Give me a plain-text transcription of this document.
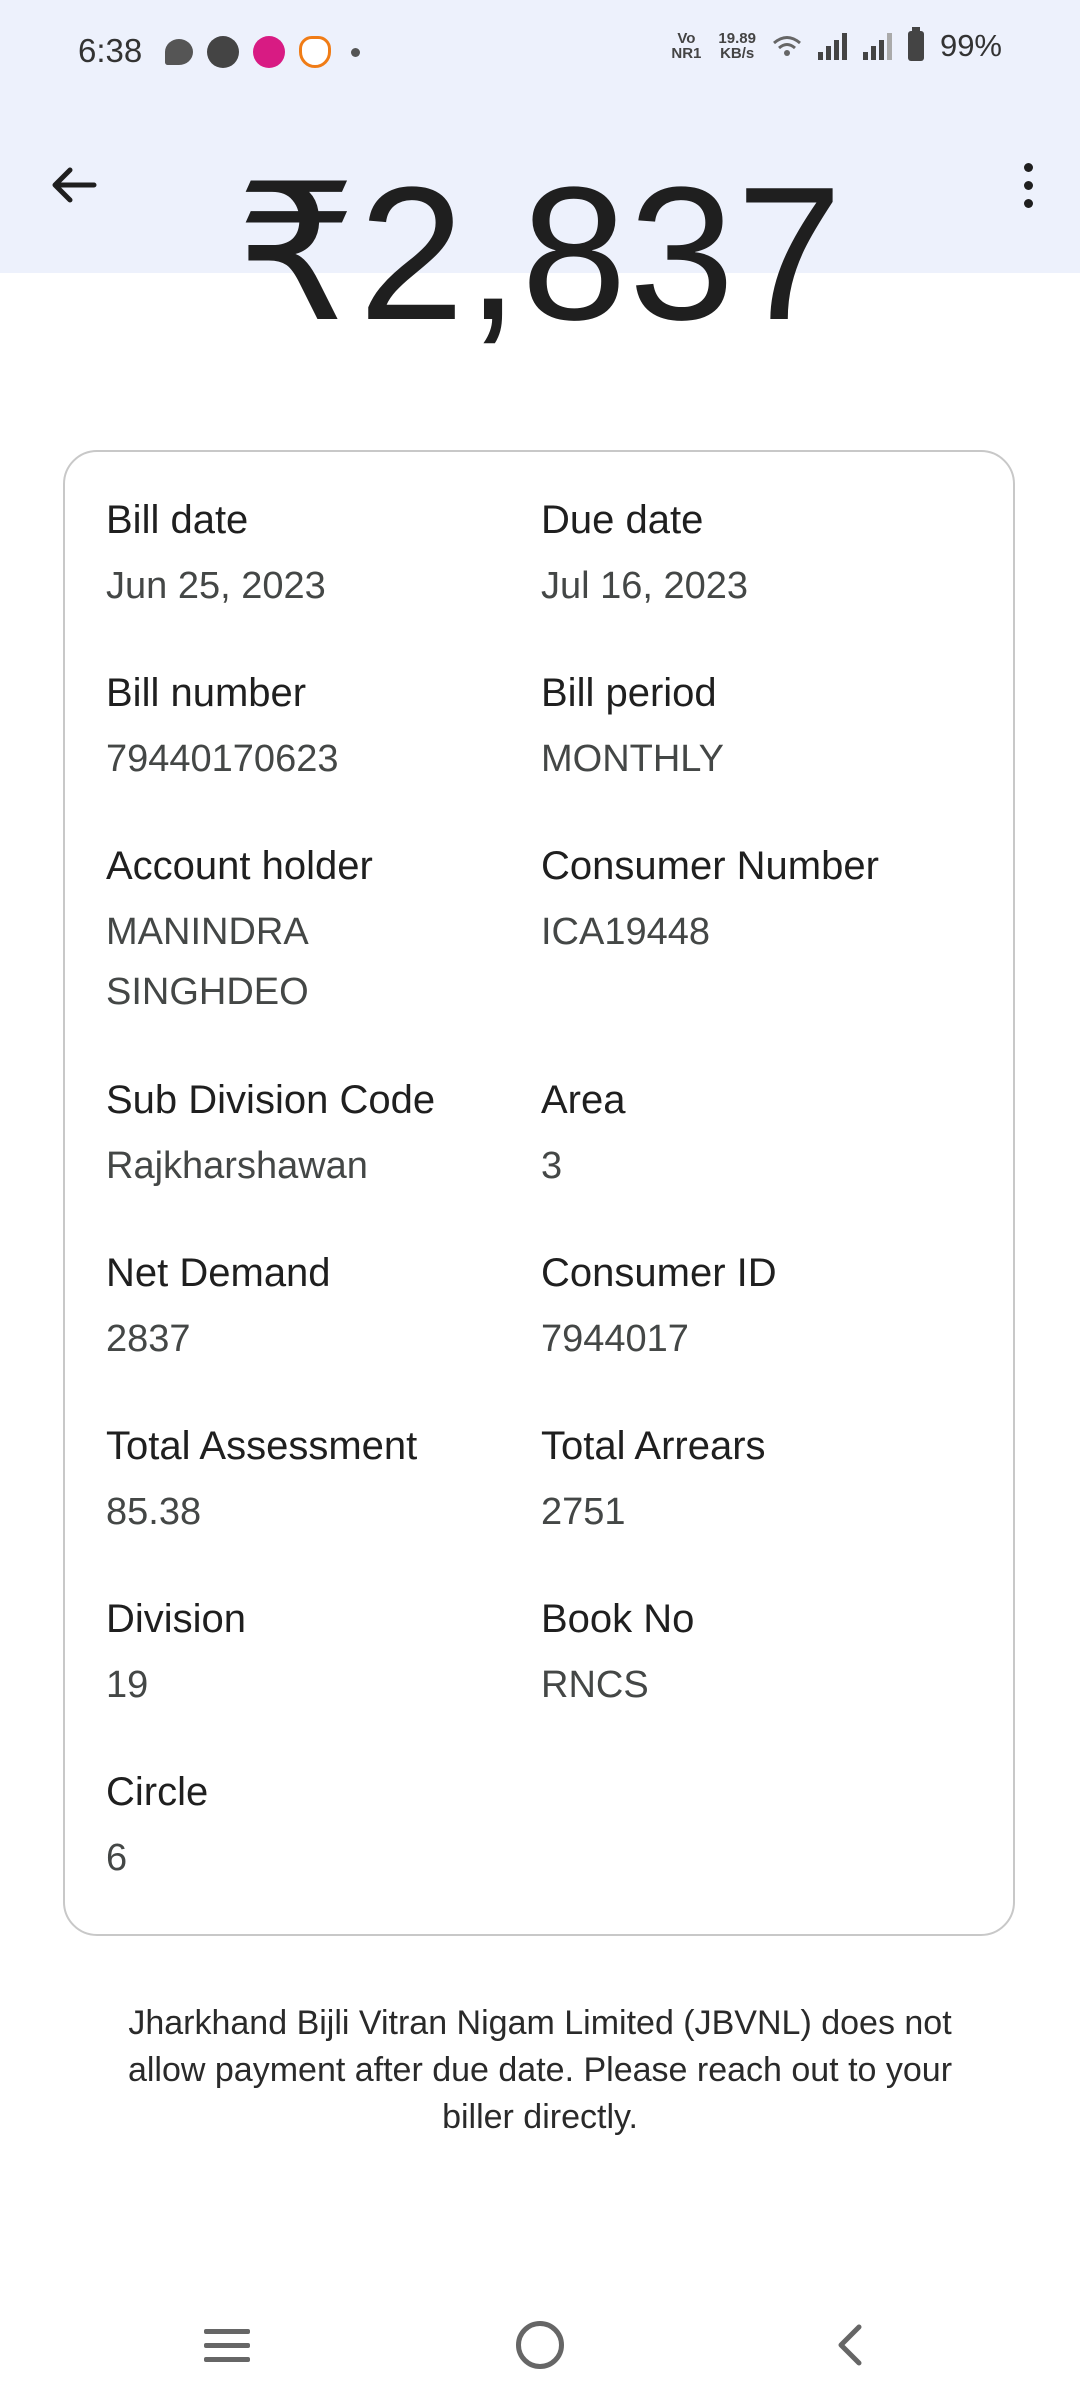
6:38	Vo NR1
19.89
KB/s	99%
₹2,837
Bill date
Jun 25, 2023
Due date
Jul 16, 2023
Bill number
79440170623
Bill period
MONTHLY
Account holder
MANINDRA SINGHDEO
Consumer Number
ICA19448
Sub Division Code
Rajkharshawan
Area
3
Net Demand
2837
Consumer ID
7944017
Total Assessment
85.38
Total Arrears
2751
Division
19
Book No
RNCS
Circle
6
Jharkhand Bijli Vitran Nigam Limited (JBVNL) does not allow payment after due date. Please reach out to your biller directly.
